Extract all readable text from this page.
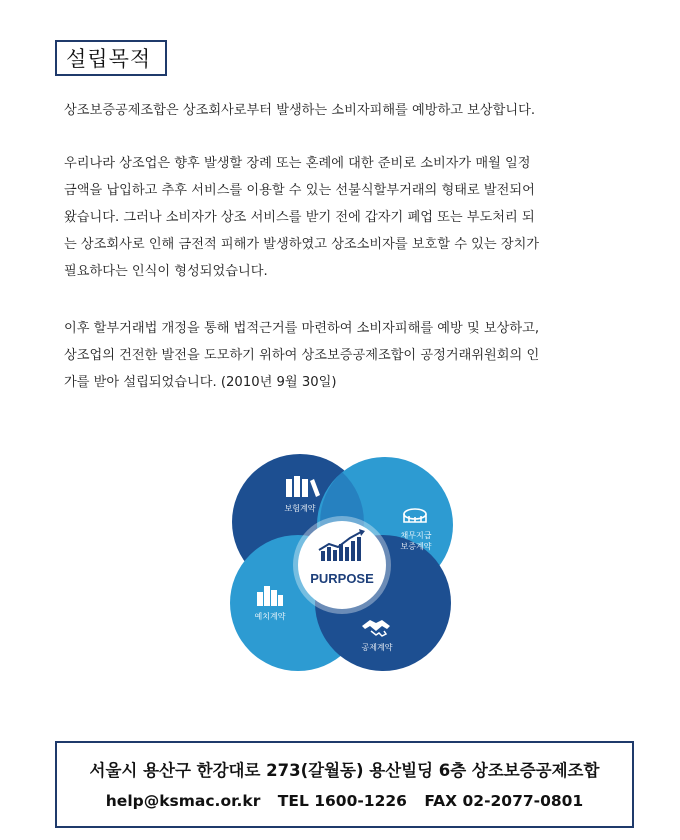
설립목적

상조보증공제조합은 상조회사로부터 발생하는 소비자피해를 예방하고 보상합니다.

우리나라 상조업은 향후 발생할 장례 또는 혼례에 대한 준비로 소비자가 매월 일정
금액을 납입하고 추후 서비스를 이용할 수 있는 선불식할부거래의 형태로 발전되어
왔습니다. 그러나 소비자가 상조 서비스를 받기 전에 갑자기 폐업 또는 부도처리 되
는 상조회사로 인해 금전적 피해가 발생하였고 상조소비자를 보호할 수 있는 장치가
필요하다는 인식이 형성되었습니다.

이후 할부거래법 개정을 통해 법적근거를 마련하여 소비자피해를 예방 및 보상하고,
상조업의 건전한 발전을 도모하기 위하여 상조보증공제조합이 공정거래위원회의 인
가를 받아 설립되었습니다. (2010년 9월 30일)

PURPOSE
보험계약
채무지급
보증계약
예치계약
공제계약
서울시 용산구 한강대로 273(갈월동) 용산빌딩 6층 상조보증공제조합
help@ksmac.or.kr TEL 1600-1226 FAX 02-2077-0801
